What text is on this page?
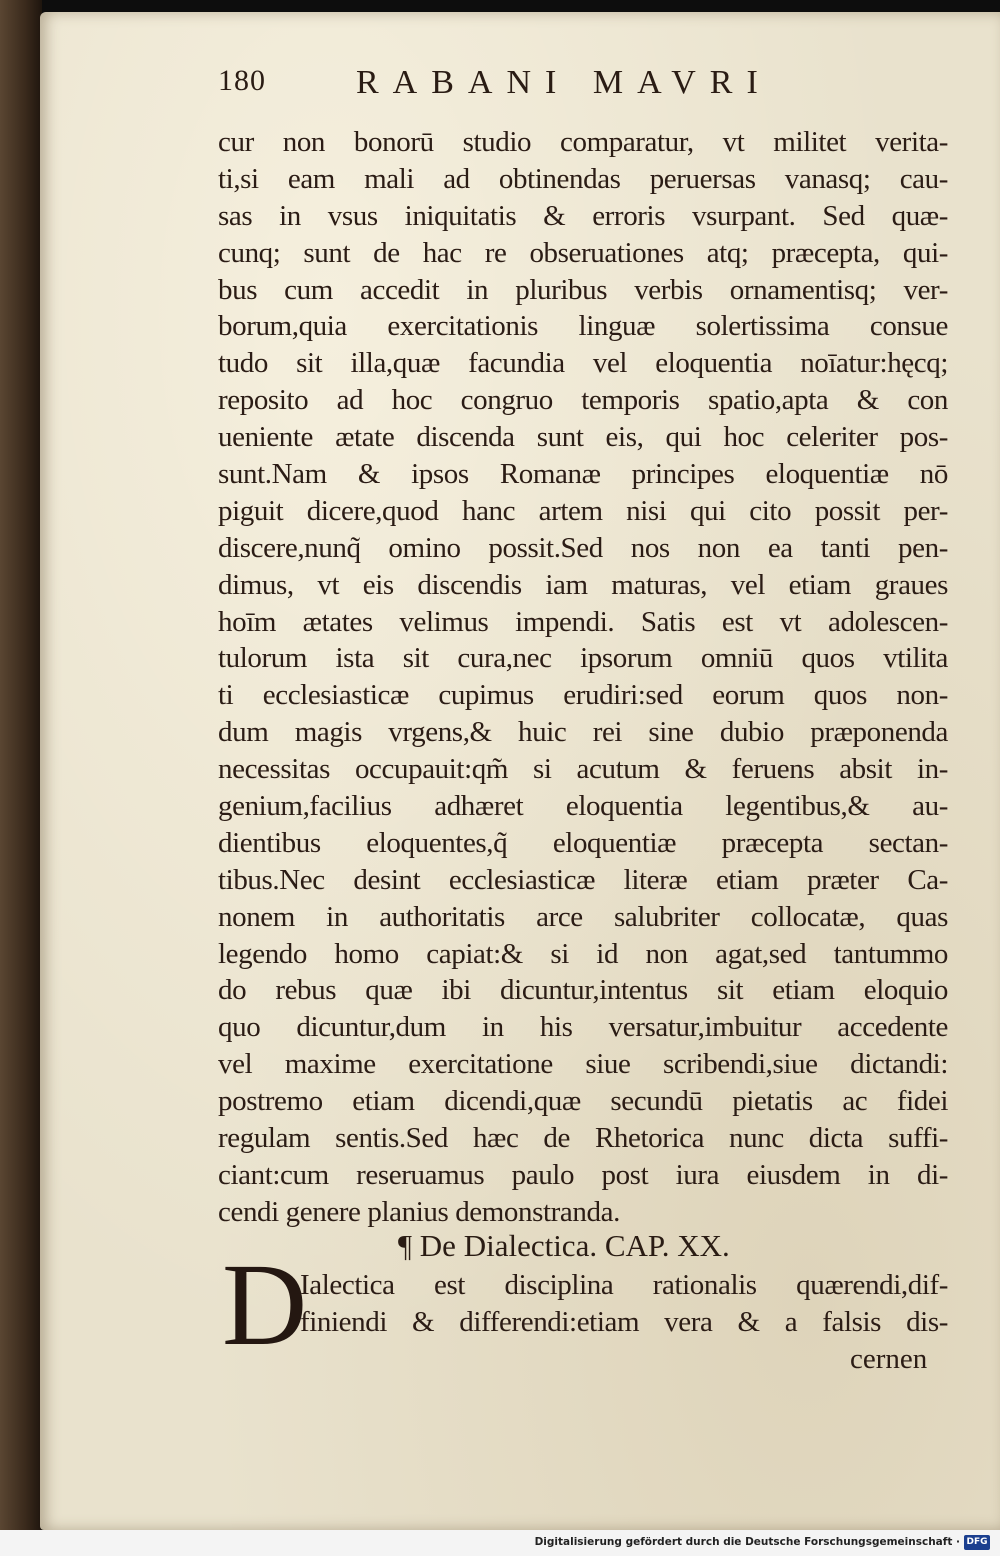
180	RABANI MAVRI
cur non bonorū studio comparatur, vt militet verita-
ti,si eam mali ad obtinendas peruersas vanasq; cau-
sas in vsus iniquitatis & erroris vsurpant. Sed quæ-
cunq; sunt de hac re obseruationes atq; præcepta, qui-
bus cum accedit in pluribus verbis ornamentisq; ver-
borum,quia exercitationis linguæ solertissima consue
tudo sit illa,quæ facundia vel eloquentia noīatur:hęcq;
reposito ad hoc congruo temporis spatio,apta & con
ueniente ætate discenda sunt eis, qui hoc celeriter pos-
sunt.Nam & ipsos Romanæ principes eloquentiæ nō
piguit dicere,quod hanc artem nisi qui cito possit per-
discere,nunq̃ omino possit.Sed nos non ea tanti pen-
dimus, vt eis discendis iam maturas, vel etiam graues
hoīm ætates velimus impendi. Satis est vt adolescen-
tulorum ista sit cura,nec ipsorum omniū quos vtilita
ti ecclesiasticæ cupimus erudiri:sed eorum quos non-
dum magis vrgens,& huic rei sine dubio præponenda
necessitas occupauit:qm̃ si acutum & feruens absit in-
genium,facilius adhæret eloquentia legentibus,& au-
dientibus eloquentes,q̃ eloquentiæ præcepta sectan-
tibus.Nec desint ecclesiasticæ literæ etiam præter Ca-
nonem in authoritatis arce salubriter collocatæ, quas
legendo homo capiat:& si id non agat,sed tantummo
do rebus quæ ibi dicuntur,intentus sit etiam eloquio
quo dicuntur,dum in his versatur,imbuitur accedente
vel maxime exercitatione siue scribendi,siue dictandi:
postremo etiam dicendi,quæ secundū pietatis ac fidei
regulam sentis.Sed hæc de Rhetorica nunc dicta suffi-
ciant:cum reseruamus paulo post iura eiusdem in di-
cendi genere planius demonstranda.
¶ De Dialectica. CAP. XX.
D
Ialectica est disciplina rationalis quærendi,dif-
finiendi & differendi:etiam vera & a falsis dis-
cernen
Digitalisierung gefördert durch die Deutsche Forschungsgemeinschaft · DFG
